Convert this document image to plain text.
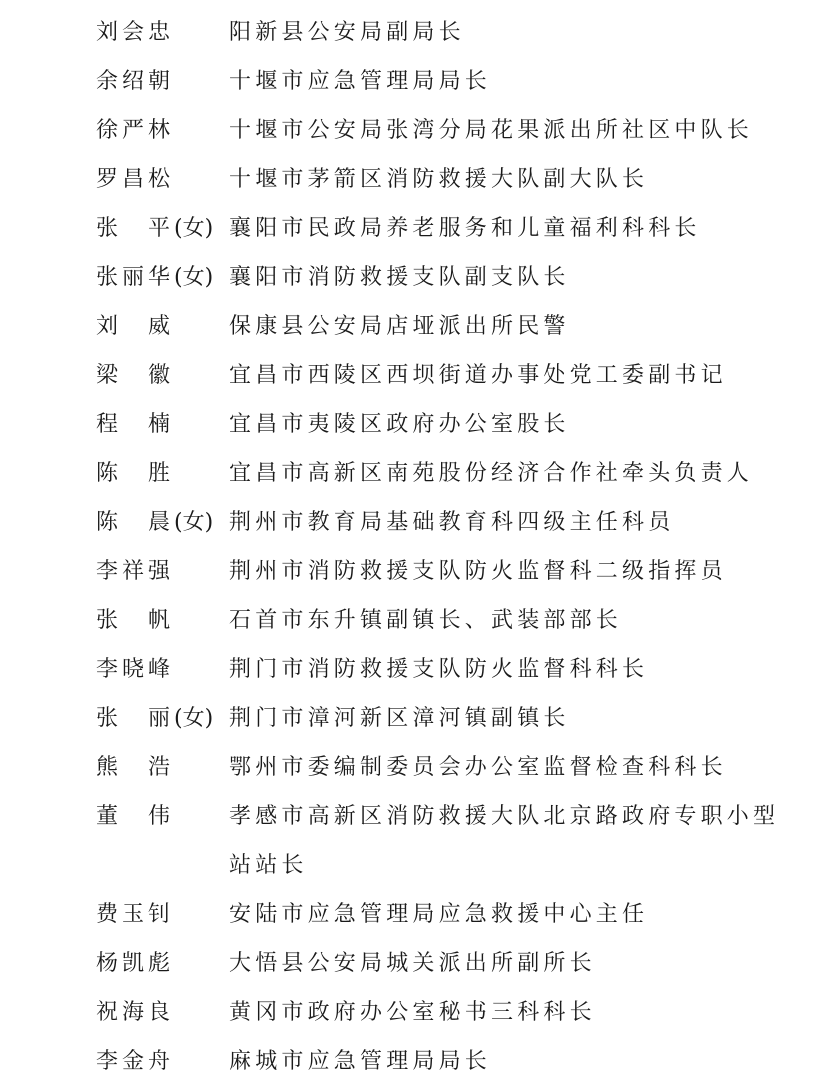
刘会忠	阳新县公安局副局长
余绍朝	十堰市应急管理局局长
徐严林	十堰市公安局张湾分局花果派出所社区中队长
罗昌松	十堰市茅箭区消防救援大队副大队长
张　平(女) 襄阳市民政局养老服务和儿童福利科科长
张丽华(女) 襄阳市消防救援支队副支队长
刘　威	保康县公安局店垭派出所民警
梁　徽	宜昌市西陵区西坝街道办事处党工委副书记
程　楠	宜昌市夷陵区政府办公室股长
陈　胜	宜昌市高新区南苑股份经济合作社牵头负责人
陈　晨(女) 荆州市教育局基础教育科四级主任科员
李祥强	荆州市消防救援支队防火监督科二级指挥员
张　帆	石首市东升镇副镇长、武装部部长
李晓峰	荆门市消防救援支队防火监督科科长
张　丽(女) 荆门市漳河新区漳河镇副镇长
熊　浩	鄂州市委编制委员会办公室监督检查科科长
董　伟	孝感市高新区消防救援大队北京路政府专职小型站站长
费玉钊	安陆市应急管理局应急救援中心主任
杨凯彪	大悟县公安局城关派出所副所长
祝海良	黄冈市政府办公室秘书三科科长
李金舟	麻城市应急管理局局长
